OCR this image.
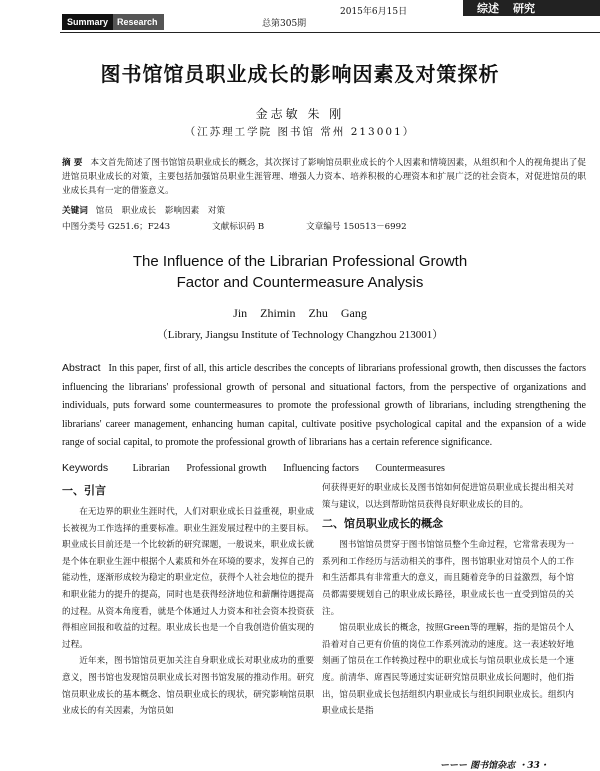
Summary	Research	总第305期
2015年6月15日	综述 研究
图书馆馆员职业成长的影响因素及对策探析
金志敏 朱 刚
（江苏理工学院 图书馆 常州 213001）
摘 要 本文首先简述了图书馆馆员职业成长的概念，其次探讨了影响馆员职业成长的个人因素和情境因素，从组织和个人的视角提出了促进馆员职业成长的对策，主要包括加强馆员职业生涯管理、增强人力资本、培养积极的心理资本和扩展广泛的社会资本，对促进馆员的职业成长具有一定的借鉴意义。
关键词 馆员 职业成长 影响因素 对策
中图分类号 G251.6；F243	文献标识码 B	文章编号 150513－6992
The Influence of the Librarian Professional Growth
Factor and Countermeasure Analysis
Jin Zhimin Zhu Gang
（Library, Jiangsu Institute of Technology Changzhou 213001）
Abstract In this paper, first of all, this article describes the concepts of librarians professional growth, then discusses the factors influencing the librarians' professional growth of personal and situational factors, from the perspective of organizations and individuals, puts forward some countermeasures to promote the professional growth of librarians, including strengthening the librarians' career management, enhancing human capital, cultivate positive psychological capital and the expansion of a wide range of social capital, to promote the professional growth of librarians has a certain reference significance.
Keywords Librarian Professional growth Influencing factors Countermeasures
一、引言

在无边界的职业生涯时代，人们对职业成长日益重视，职业成长被视为工作选择的重要标准。职业生涯发展过程中的主要目标。职业成长目前还是一个比较新的研究课题，一般说来，职业成长就是个体在职业生涯中根据个人素质和外在环境的要求，发挥自己的能动性，逐渐形成较为稳定的职业定位，获得个人社会地位的提升和职业能力的提升的提高，同时也是获得经济地位和薪酬待遇提高的过程。从资本角度看，就是个体通过人力资本和社会资本投资获得相应回报和收益的过程。职业成长也是一个自我创造价值实现的过程。

近年来，图书馆馆员更加关注自身职业成长对职业成功的重要意义，图书馆也发现馆员职业成长对图书馆发展的推动作用。研究馆员职业成长的基本概念、馆员职业成长的现状，研究影响馆员职业成长的有关因素，为馆员如

何获得更好的职业成长及图书馆如何促进馆员职业成长提出相关对策与建议，以达到帮助馆员获得良好职业成长的目的。

二、馆员职业成长的概念

图书馆馆员贯穿于图书馆馆员整个生命过程，它常常表现为一系列和工作经历与活动相关的事件，图书馆职业对馆员个人的工作和生活都具有非常重大的意义，而且随着竞争的日益激烈，每个馆员都需要规划自己的职业成长路径，职业成长也一直受到馆员的关注。

馆员职业成长的概念，按照Green等的理解，指的是馆员个人沿着对自己更有价值的岗位工作系列流动的速度。这一表述较好地刻画了馆员在工作转换过程中的职业成长与馆员职业成长是一个速度。前清华、席酉民等通过实证研究馆员职业成长问题时，他们指出，馆员职业成长包括组织内职业成长与组织间职业成长。组织内职业成长是指

ーーー 图书馆杂志 ・33・
